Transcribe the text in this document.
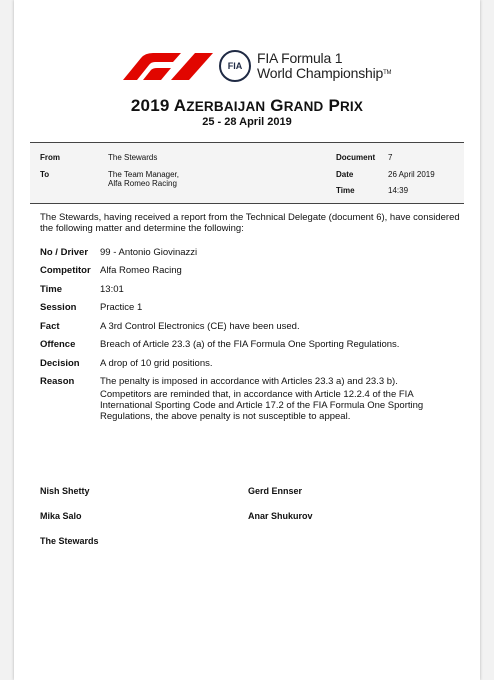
FIA FIA Formula 1
World ChampionshipTM
2019 AZERBAIJAN GRAND PRIX
25 - 28 April 2019
From	The Stewards
To	The Team Manager,
Alfa Romeo Racing
Document 7
Date	26 April 2019
Time	14:39
The Stewards, having received a report from the Technical Delegate (document 6), have considered the following matter and determine the following:
No / Driver 99 - Antonio Giovinazzi
Competitor Alfa Romeo Racing
Time	13:01
Session Practice 1
Fact	A 3rd Control Electronics (CE) have been used.
Offence	Breach of Article 23.3 (a) of the FIA Formula One Sporting Regulations.
Decision A drop of 10 grid positions.
Reason	The penalty is imposed in accordance with Articles 23.3 a) and 23.3 b).
Competitors are reminded that, in accordance with Article 12.2.4 of the FIA International Sporting Code and Article 17.2 of the FIA Formula One Sporting Regulations, the above penalty is not susceptible to appeal.
Nish Shetty	Gerd Ennser
Mika Salo	Anar Shukurov
The Stewards
